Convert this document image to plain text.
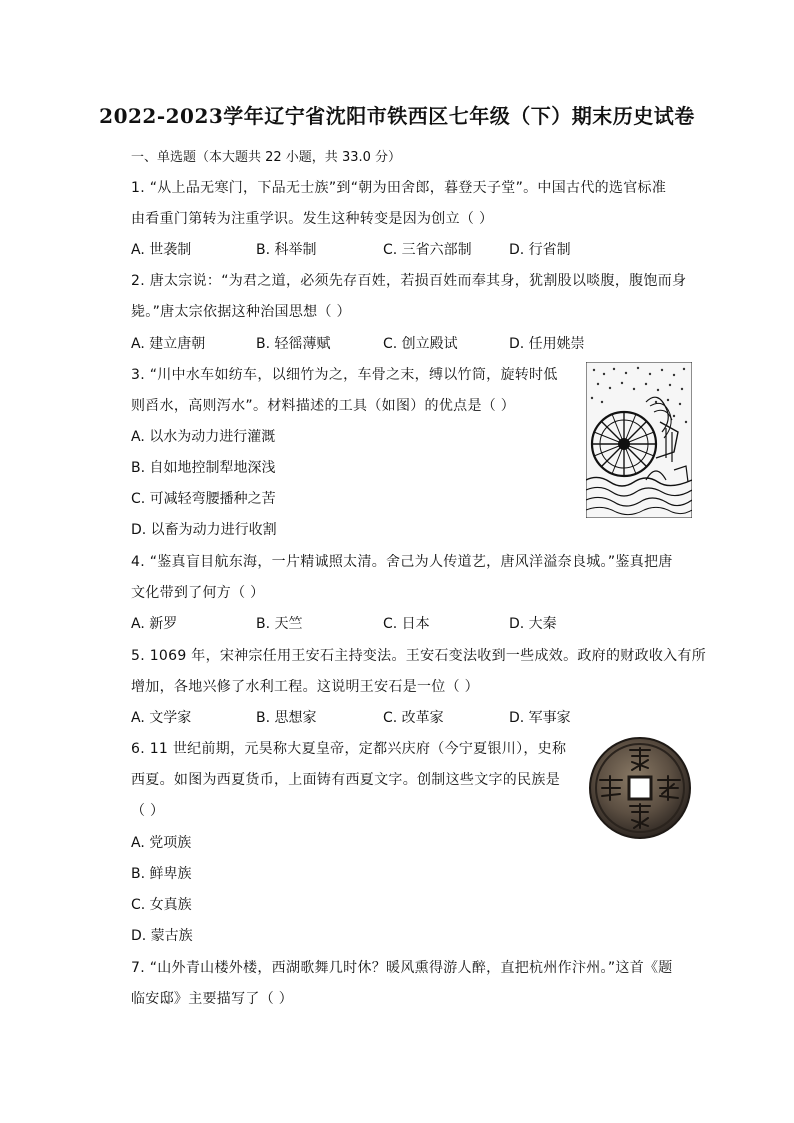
2022-2023学年辽宁省沈阳市铁西区七年级（下）期末历史试卷
一、单选题（本大题共 22 小题，共 33.0 分）
1. “从上品无寒门，下品无士族”到“朝为田舍郎，暮登天子堂”。中国古代的选官标准
由看重门第转为注重学识。发生这种转变是因为创立（ ）
A. 世袭制	B. 科举制	C. 三省六部制	D. 行省制
2. 唐太宗说：“为君之道，必须先存百姓，若损百姓而奉其身，犹割股以啖腹，腹饱而身
毙。”唐太宗依据这种治国思想（ ）
A. 建立唐朝	B. 轻徭薄赋	C. 创立殿试	D. 任用姚崇
3. “川中水车如纺车，以细竹为之，车骨之末，缚以竹筒，旋转时低
则舀水，高则泻水”。材料描述的工具（如图）的优点是（ ）
A. 以水为动力进行灌溉
B. 自如地控制犁地深浅
C. 可减轻弯腰播种之苦
D. 以畜为动力进行收割
4. “鉴真盲目航东海，一片精诚照太清。舍己为人传道艺，唐风洋溢奈良城。”鉴真把唐
文化带到了何方（ ）
A. 新罗	B. 天竺	C. 日本	D. 大秦
5. 1069 年，宋神宗任用王安石主持变法。王安石变法收到一些成效。政府的财政收入有所
增加，各地兴修了水利工程。这说明王安石是一位（ ）
A. 文学家	B. 思想家	C. 改革家	D. 军事家
6. 11 世纪前期，元昊称大夏皇帝，定都兴庆府（今宁夏银川），史称
西夏。如图为西夏货币，上面铸有西夏文字。创制这些文字的民族是
（ ）
A. 党项族
B. 鲜卑族
C. 女真族
D. 蒙古族
7. “山外青山楼外楼，西湖歌舞几时休？暖风熏得游人醉，直把杭州作汴州。”这首《题
临安邸》主要描写了（ ）
